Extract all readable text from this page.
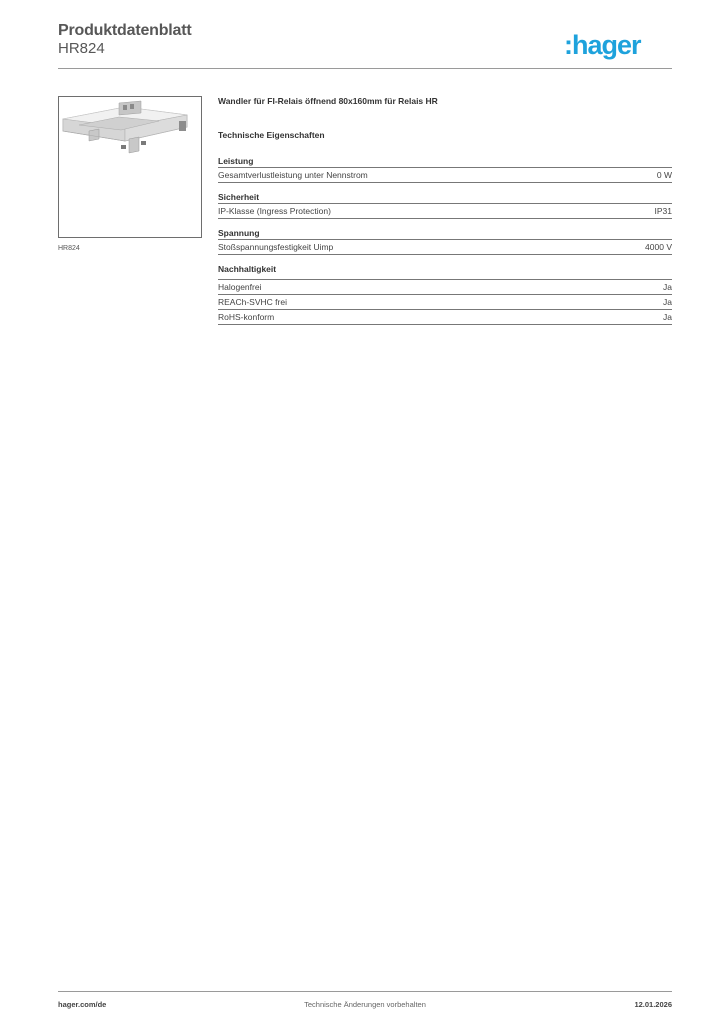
Produktdatenblatt
HR824	:hager
HR824
Wandler für FI-Relais öffnend 80x160mm für Relais HR
Technische Eigenschaften
Leistung
Gesamtverlustleistung unter Nennstrom	0 W
Sicherheit
IP-Klasse (Ingress Protection)	IP31
Spannung
Stoßspannungsfestigkeit Uimp	4000 V
Nachhaltigkeit
Halogenfrei	Ja
REACh-SVHC frei	Ja
RoHS-konform	Ja
hager.com/de	Technische Änderungen vorbehalten	12.01.2026
